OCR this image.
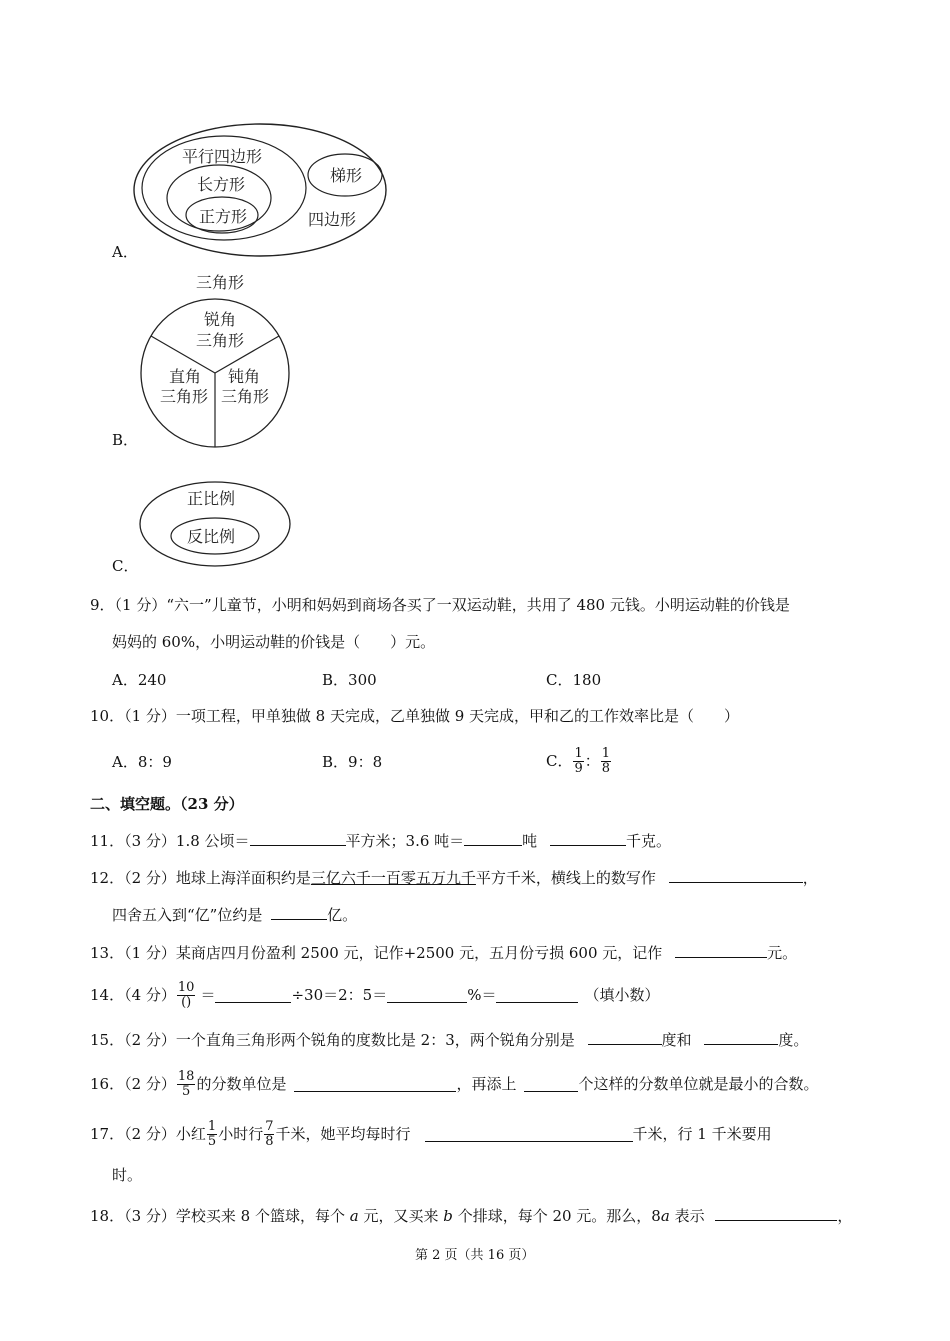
平行四边形
长方形
正方形
梯形
四边形
A．
三角形
锐角
三角形
直角
三角形
钝角
三角形
B．
正比例
反比例
C．
9．（1 分）“六一”儿童节，小明和妈妈到商场各买了一双运动鞋，共用了 480 元钱。小明运动鞋的价钱是
妈妈的 60%，小明运动鞋的价钱是（　　）元。
A．240	B．300	C．180
10．（1 分）一项工程，甲单独做 8 天完成，乙单独做 9 天完成，甲和乙的工作效率比是（　　）
A．8：9	B．9：8	C． $\frac{1}{9}$ ： $\frac{1}{8}$
二、填空题。（23 分）
11．（3 分）1.8 公顷＝	平方米；3.6 吨＝	吨	千克。
12．（2 分）地球上海洋面积约是三亿六千一百零五万九千平方千米，横线上的数写作	，
四舍五入到“亿”位约是	亿。
13．（1 分）某商店四月份盈利 2500 元，记作+2500 元，五月份亏损 600 元，记作	元。
14．（4 分） $\frac{10}{()}$ ＝	÷30＝2：5＝	%＝	（填小数）
15．（2 分）一个直角三角形两个锐角的度数比是 2：3，两个锐角分别是	度和	度。
16．（2 分） $\frac{18}{5}$ 的分数单位是	，再添上	个这样的分数单位就是最小的合数。
17．（2 分）小红 $\frac{1}{5}$ 小时行 $\frac{7}{8}$ 千米，她平均每时行	千米，行 1 千米要用
时。
18．（3 分）学校买来 8 个篮球，每个 a 元，又买来 b 个排球，每个 20 元。那么，8a 表示	，
第 2 页（共 16 页）
